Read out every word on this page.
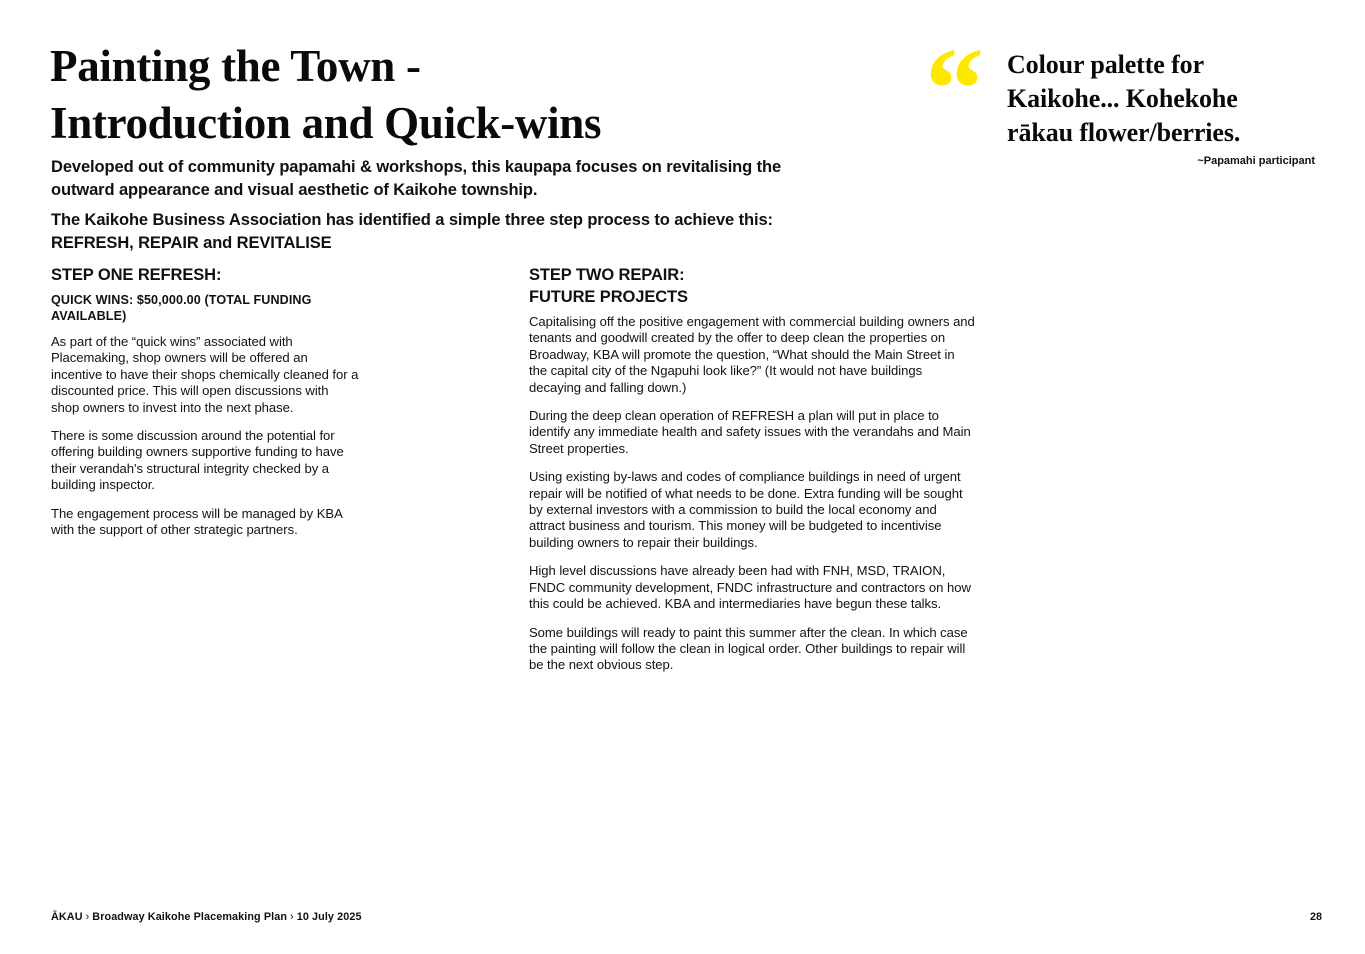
Painting the Town -
Introduction and Quick-wins

Developed out of community papamahi & workshops, this kaupapa focuses on revitalising the outward appearance and visual aesthetic of Kaikohe township.

The Kaikohe Business Association has identified a simple three step process to achieve this: REFRESH, REPAIR and REVITALISE

“ Colour palette for
Kaikohe... Kohekohe
rākau flower/berries.

~Papamahi participant

STEP ONE REFRESH:

QUICK WINS: $50,000.00 (TOTAL FUNDING AVAILABLE)

As part of the “quick wins” associated with Placemaking, shop owners will be offered an incentive to have their shops chemically cleaned for a discounted price. This will open discussions with shop owners to invest into the next phase.

There is some discussion around the potential for offering building owners supportive funding to have their verandah's structural integrity checked by a building inspector.

The engagement process will be managed by KBA with the support of other strategic partners.

STEP TWO REPAIR:
FUTURE PROJECTS

Capitalising off the positive engagement with commercial building owners and tenants and goodwill created by the offer to deep clean the properties on Broadway, KBA will promote the question, “What should the Main Street in the capital city of the Ngapuhi look like?” (It would not have buildings decaying and falling down.)

During the deep clean operation of REFRESH a plan will put in place to identify any immediate health and safety issues with the verandahs and Main Street properties.

Using existing by-laws and codes of compliance buildings in need of urgent repair will be notified of what needs to be done. Extra funding will be sought by external investors with a commission to build the local economy and attract business and tourism. This money will be budgeted to incentivise building owners to repair their buildings.

High level discussions have already been had with FNH, MSD, TRAION, FNDC community development, FNDC infrastructure and contractors on how this could be achieved. KBA and intermediaries have begun these talks.

Some buildings will ready to paint this summer after the clean. In which case the painting will follow the clean in logical order. Other buildings to repair will be the next obvious step.

ĀKAU › Broadway Kaikohe Placemaking Plan › 10 July 2025	28
